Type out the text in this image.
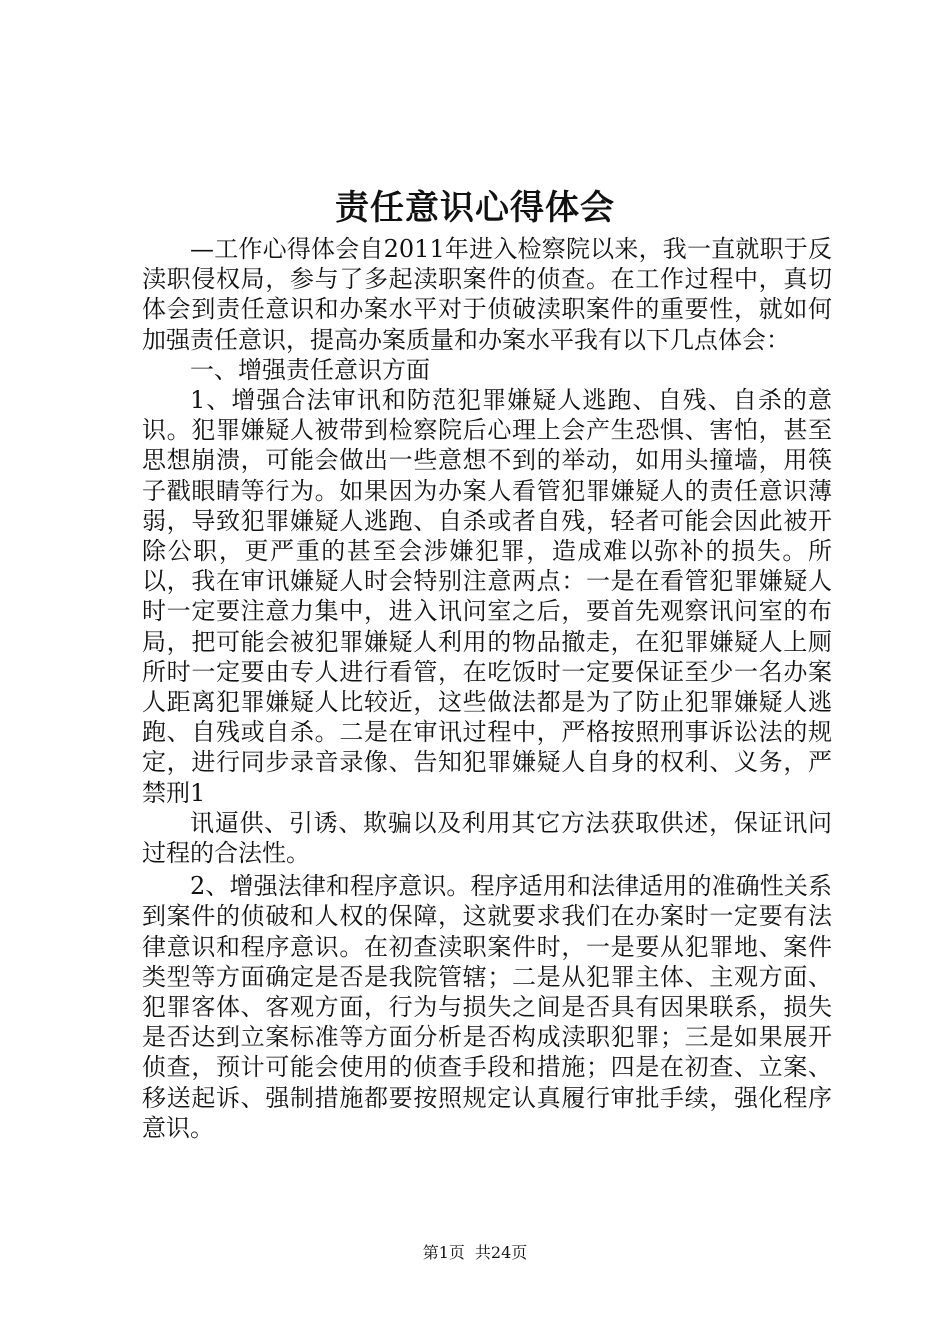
责任意识心得体会

—工作心得体会自2011年进入检察院以来，我一直就职于反渎职侵权局，参与了多起渎职案件的侦查。在工作过程中，真切体会到责任意识和办案水平对于侦破渎职案件的重要性，就如何加强责任意识，提高办案质量和办案水平我有以下几点体会：

一、增强责任意识方面

1、增强合法审讯和防范犯罪嫌疑人逃跑、自残、自杀的意识。犯罪嫌疑人被带到检察院后心理上会产生恐惧、害怕，甚至思想崩溃，可能会做出一些意想不到的举动，如用头撞墙，用筷子戳眼睛等行为。如果因为办案人看管犯罪嫌疑人的责任意识薄弱，导致犯罪嫌疑人逃跑、自杀或者自残，轻者可能会因此被开除公职，更严重的甚至会涉嫌犯罪，造成难以弥补的损失。所以，我在审讯嫌疑人时会特别注意两点：一是在看管犯罪嫌疑人时一定要注意力集中，进入讯问室之后，要首先观察讯问室的布局，把可能会被犯罪嫌疑人利用的物品撤走，在犯罪嫌疑人上厕所时一定要由专人进行看管，在吃饭时一定要保证至少一名办案人距离犯罪嫌疑人比较近，这些做法都是为了防止犯罪嫌疑人逃跑、自残或自杀。二是在审讯过程中，严格按照刑事诉讼法的规定，进行同步录音录像、告知犯罪嫌疑人自身的权利、义务，严禁刑1

讯逼供、引诱、欺骗以及利用其它方法获取供述，保证讯问过程的合法性。

2、增强法律和程序意识。程序适用和法律适用的准确性关系到案件的侦破和人权的保障，这就要求我们在办案时一定要有法律意识和程序意识。在初查渎职案件时，一是要从犯罪地、案件类型等方面确定是否是我院管辖；二是从犯罪主体、主观方面、犯罪客体、客观方面，行为与损失之间是否具有因果联系，损失是否达到立案标准等方面分析是否构成渎职犯罪；三是如果展开侦查，预计可能会使用的侦查手段和措施；四是在初查、立案、移送起诉、强制措施都要按照规定认真履行审批手续，强化程序意识。

第1页 共24页
